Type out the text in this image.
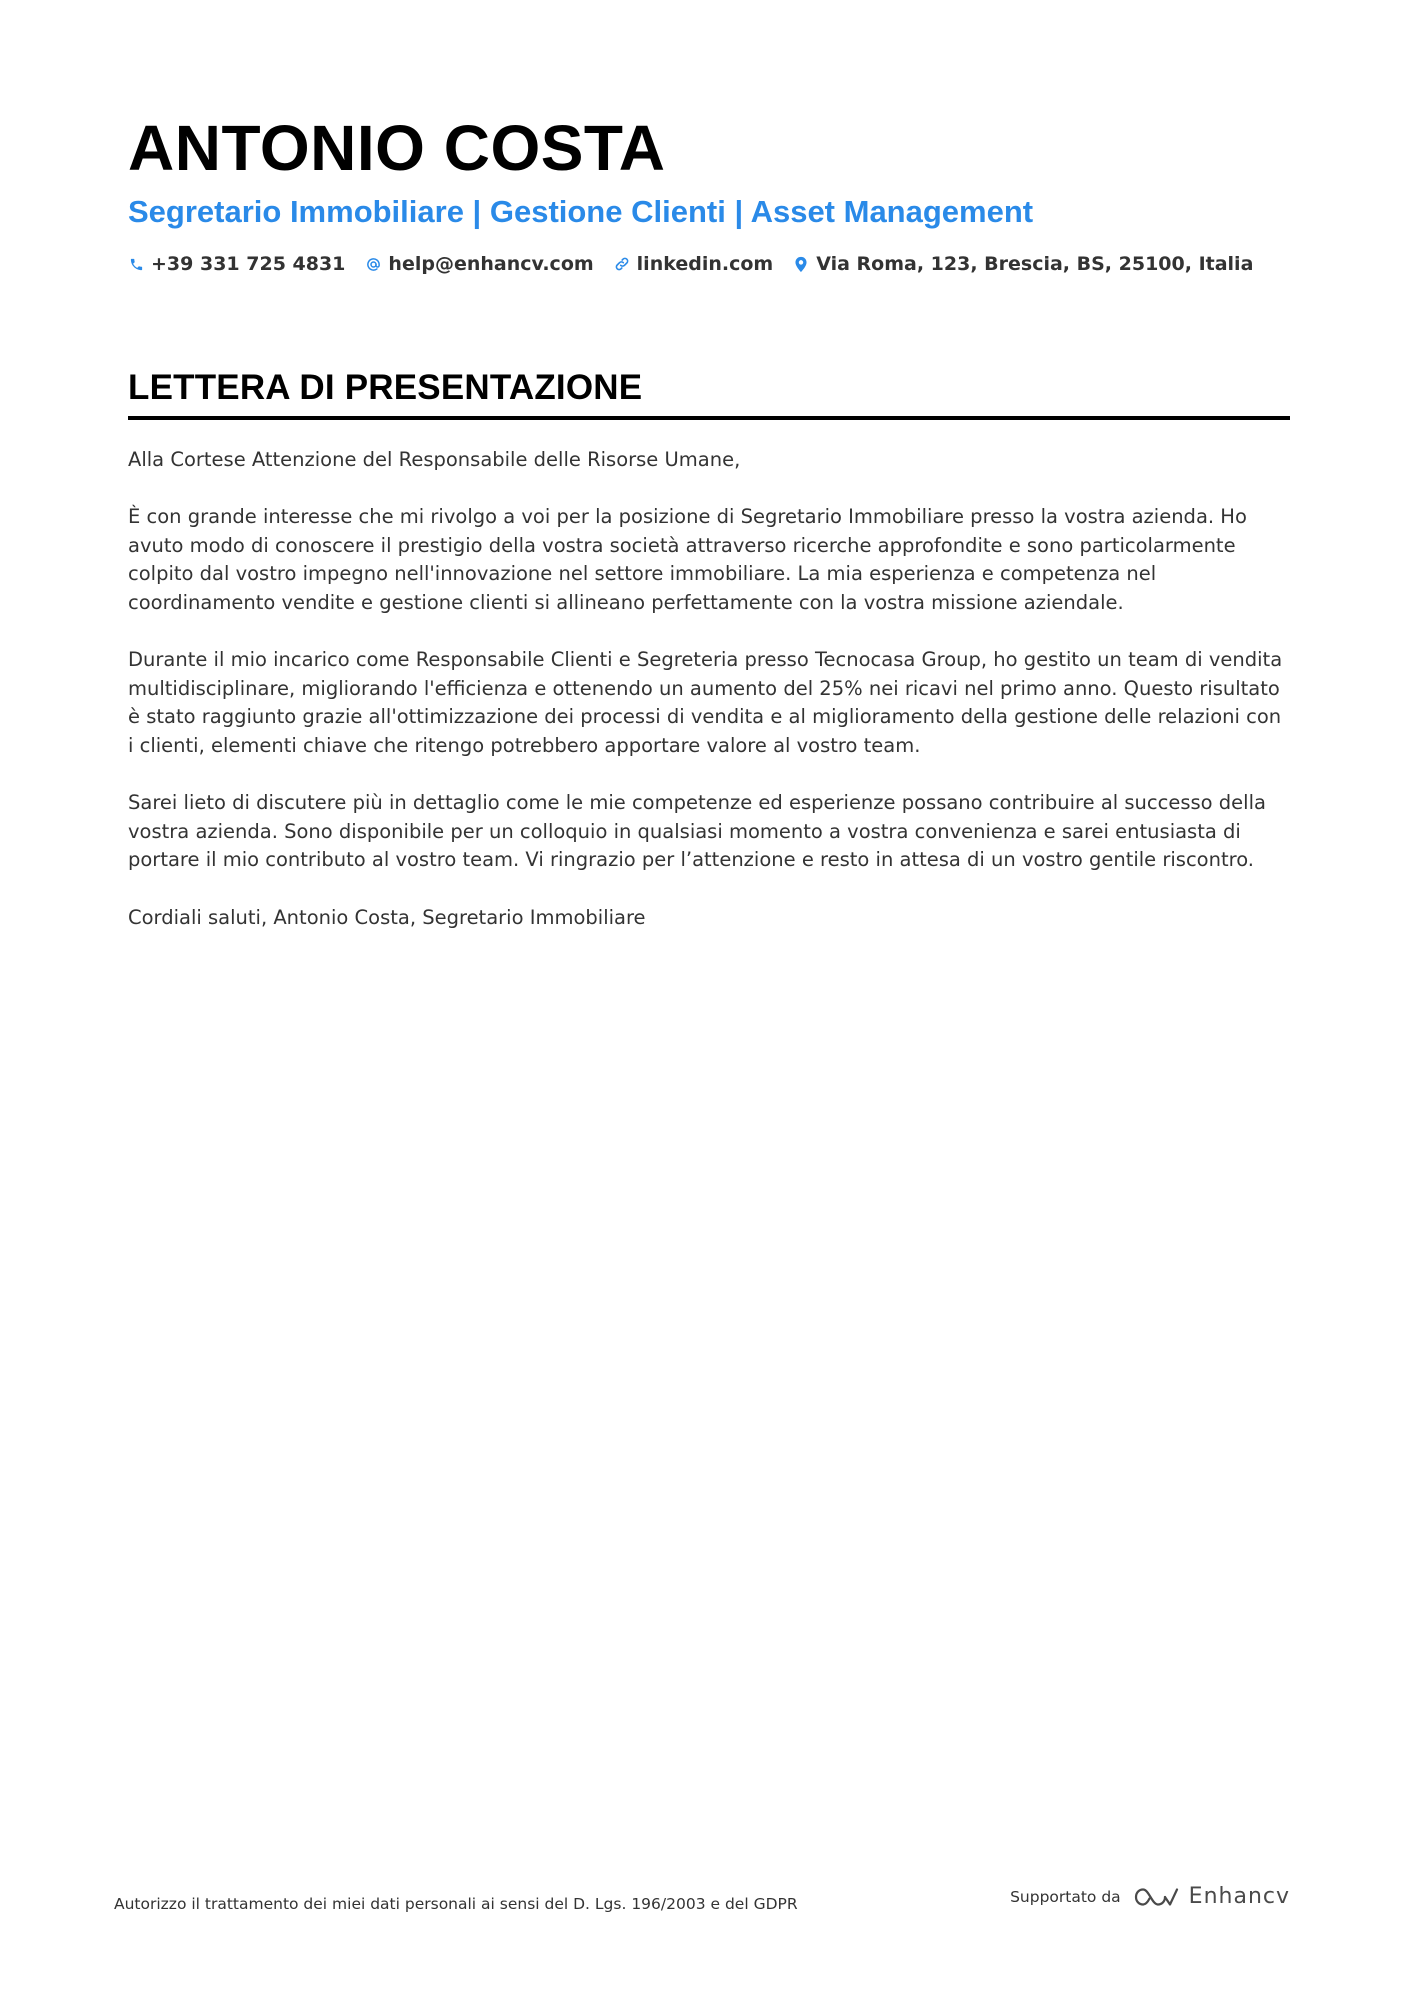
ANTONIO COSTA
Segretario Immobiliare | Gestione Clienti | Asset Management
+39 331 725 4831 help@enhancv.com linkedin.com Via Roma, 123, Brescia, BS, 25100, Italia
LETTERA DI PRESENTAZIONE

Alla Cortese Attenzione del Responsabile delle Risorse Umane,

È con grande interesse che mi rivolgo a voi per la posizione di Segretario Immobiliare presso la vostra azienda. Ho avuto modo di conoscere il prestigio della vostra società attraverso ricerche approfondite e sono particolarmente colpito dal vostro impegno nell'innovazione nel settore immobiliare. La mia esperienza e competenza nel coordinamento vendite e gestione clienti si allineano perfettamente con la vostra missione aziendale.

Durante il mio incarico come Responsabile Clienti e Segreteria presso Tecnocasa Group, ho gestito un team di vendita multidisciplinare, migliorando l'efficienza e ottenendo un aumento del 25% nei ricavi nel primo anno. Questo risultato è stato raggiunto grazie all'ottimizzazione dei processi di vendita e al miglioramento della gestione delle relazioni con i clienti, elementi chiave che ritengo potrebbero apportare valore al vostro team.

Sarei lieto di discutere più in dettaglio come le mie competenze ed esperienze possano contribuire al successo della vostra azienda. Sono disponibile per un colloquio in qualsiasi momento a vostra convenienza e sarei entusiasta di portare il mio contributo al vostro team. Vi ringrazio per l’attenzione e resto in attesa di un vostro gentile riscontro.

Cordiali saluti, Antonio Costa, Segretario Immobiliare

Autorizzo il trattamento dei miei dati personali ai sensi del D. Lgs. 196/2003 e del GDPR	Supportato da	Enhancv
